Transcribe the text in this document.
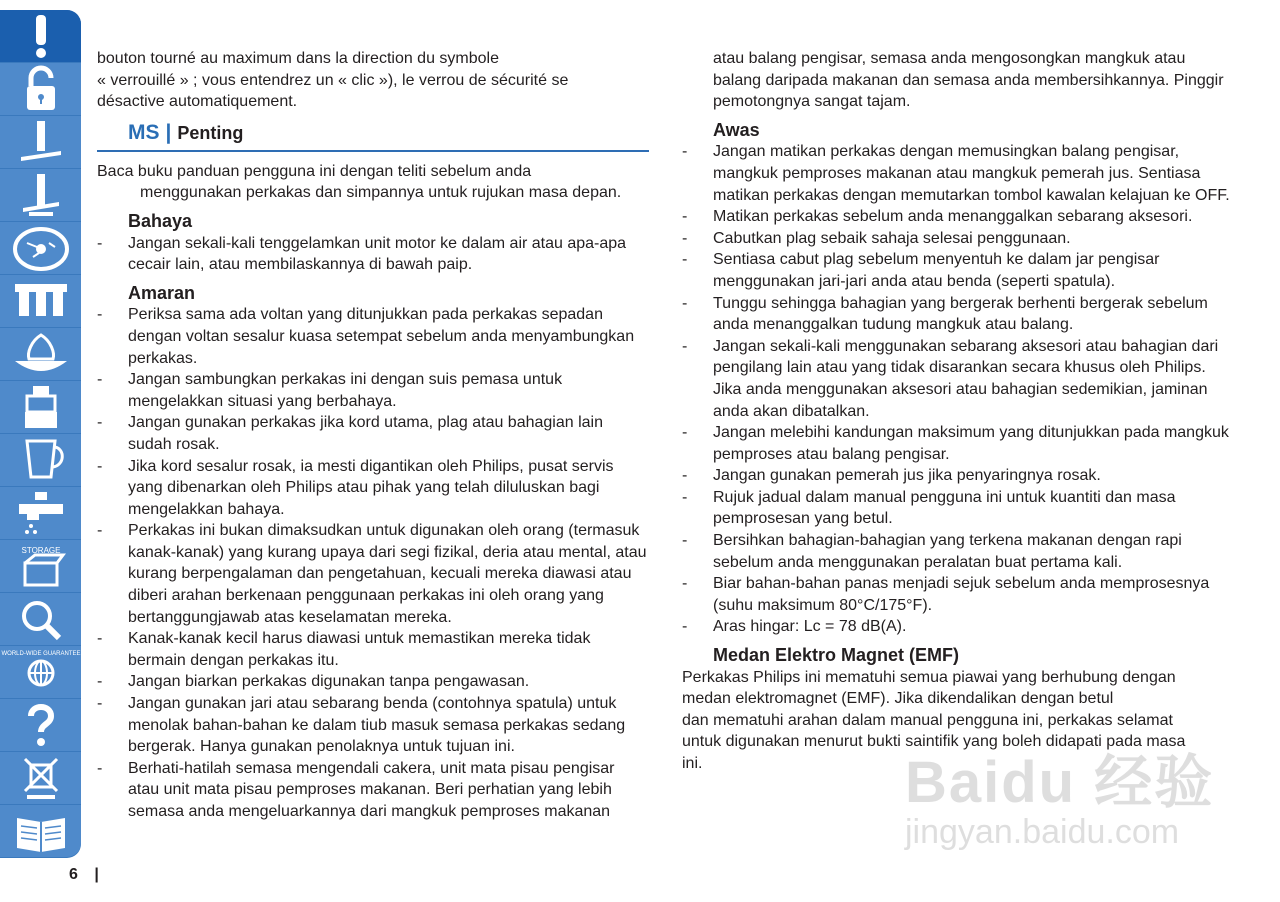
STORAGE
WORLD-WIDE GUARANTEE

bouton tourné au maximum dans la direction du symbole

« verrouillé » ; vous entendrez un « clic »), le verrou de sécurité se

désactive automatiquement.

MS | Penting

Baca buku panduan pengguna ini dengan teliti sebelum anda

menggunakan perkakas dan simpannya untuk rujukan masa depan.

Bahaya
- Jangan sekali-kali tenggelamkan unit motor ke dalam air atau apa-apa cecair lain, atau membilaskannya di bawah paip.
Amaran
- Periksa sama ada voltan yang ditunjukkan pada perkakas sepadan dengan voltan sesalur kuasa setempat sebelum anda menyambungkan perkakas.
- Jangan sambungkan perkakas ini dengan suis pemasa untuk mengelakkan situasi yang berbahaya.
- Jangan gunakan perkakas jika kord utama, plag atau bahagian lain sudah rosak.
- Jika kord sesalur rosak, ia mesti digantikan oleh Philips, pusat servis yang dibenarkan oleh Philips atau pihak yang telah diluluskan bagi mengelakkan bahaya.
- Perkakas ini bukan dimaksudkan untuk digunakan oleh orang (termasuk kanak-kanak) yang kurang upaya dari segi fizikal, deria atau mental, atau kurang berpengalaman dan pengetahuan, kecuali mereka diawasi atau diberi arahan berkenaan penggunaan perkakas ini oleh orang yang bertanggungjawab atas keselamatan mereka.
- Kanak-kanak kecil harus diawasi untuk memastikan mereka tidak bermain dengan perkakas itu.
- Jangan biarkan perkakas digunakan tanpa pengawasan.
- Jangan gunakan jari atau sebarang benda (contohnya spatula) untuk menolak bahan-bahan ke dalam tiub masuk semasa perkakas sedang bergerak. Hanya gunakan penolaknya untuk tujuan ini.
- Berhati-hatilah semasa mengendali cakera, unit mata pisau pengisar atau unit mata pisau pemproses makanan. Beri perhatian yang lebih semasa anda mengeluarkannya dari mangkuk pemproses makanan

atau balang pengisar, semasa anda mengosongkan mangkuk atau balang daripada makanan dan semasa anda membersihkannya. Pinggir pemotongnya sangat tajam.

Awas
- Jangan matikan perkakas dengan memusingkan balang pengisar, mangkuk pemproses makanan atau mangkuk pemerah jus. Sentiasa matikan perkakas dengan memutarkan tombol kawalan kelajuan ke OFF.
- Matikan perkakas sebelum anda menanggalkan sebarang aksesori.
- Cabutkan plag sebaik sahaja selesai penggunaan.
- Sentiasa cabut plag sebelum menyentuh ke dalam jar pengisar menggunakan jari-jari anda atau benda (seperti spatula).
- Tunggu sehingga bahagian yang bergerak berhenti bergerak sebelum anda menanggalkan tudung mangkuk atau balang.
- Jangan sekali-kali menggunakan sebarang aksesori atau bahagian dari pengilang lain atau yang tidak disarankan secara khusus oleh Philips. Jika anda menggunakan aksesori atau bahagian sedemikian, jaminan anda akan dibatalkan.
- Jangan melebihi kandungan maksimum yang ditunjukkan pada mangkuk pemproses atau balang pengisar.
- Jangan gunakan pemerah jus jika penyaringnya rosak.
- Rujuk jadual dalam manual pengguna ini untuk kuantiti dan masa pemprosesan yang betul.
- Bersihkan bahagian-bahagian yang terkena makanan dengan rapi sebelum anda menggunakan peralatan buat pertama kali.
- Biar bahan-bahan panas menjadi sejuk sebelum anda memprosesnya (suhu maksimum 80°C/175°F).
- Aras hingar: Lc = 78 dB(A).
Medan Elektro Magnet (EMF)

Perkakas Philips ini mematuhi semua piawai yang berhubung dengan

medan elektromagnet (EMF). Jika dikendalikan dengan betul

dan mematuhi arahan dalam manual pengguna ini, perkakas selamat

untuk digunakan menurut bukti saintifik yang boleh didapati pada masa

ini.

6 |
Baidu 经验
jingyan.baidu.com
